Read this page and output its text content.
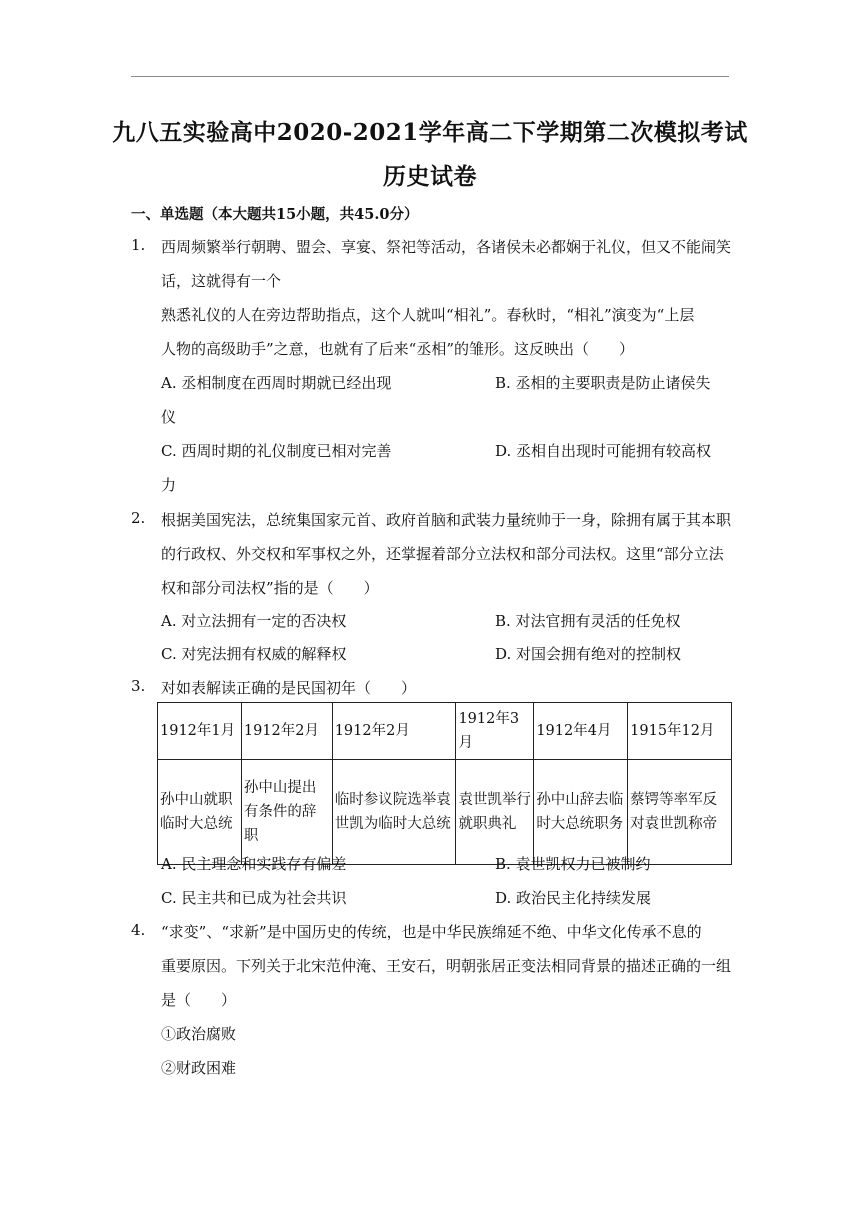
九八五实验高中2020-2021学年高二下学期第二次模拟考试
历史试卷
一、单选题（本大题共15小题，共45.0分）
1. 西周频繁举行朝聘、盟会、享宴、祭祀等活动，各诸侯未必都娴于礼仪，但又不能闹笑
话，这就得有一个
熟悉礼仪的人在旁边帮助指点，这个人就叫“相礼”。春秋时，“相礼”演变为“上层
人物的高级助手”之意，也就有了后来“丞相”的雏形。这反映出（　　）
A. 丞相制度在西周时期就已经出现	B. 丞相的主要职责是防止诸侯失
仪
C. 西周时期的礼仪制度已相对完善	D. 丞相自出现时可能拥有较高权
力
2. 根据美国宪法，总统集国家元首、政府首脑和武装力量统帅于一身，除拥有属于其本职
的行政权、外交权和军事权之外，还掌握着部分立法权和部分司法权。这里“部分立法
权和部分司法权”指的是（　　）
A. 对立法拥有一定的否决权	B. 对法官拥有灵活的任免权
C. 对宪法拥有权威的解释权	D. 对国会拥有绝对的控制权
3. 对如表解读正确的是民国初年（　　）
1912年1月	1912年2月	1912年2月	1912年3月	1912年4月	1915年12月
孙中山就职临时大总统	孙中山提出有条件的辞职	临时参议院选举袁世凯为临时大总统	袁世凯举行就职典礼	孙中山辞去临时大总统职务	蔡锷等率军反对袁世凯称帝
A. 民主理念和实践存有偏差	B. 袁世凯权力已被制约
C. 民主共和已成为社会共识	D. 政治民主化持续发展
4. “求变”、“求新”是中国历史的传统，也是中华民族绵延不绝、中华文化传承不息的
重要原因。下列关于北宋范仲淹、王安石，明朝张居正变法相同背景的描述正确的一组
是（　　）
①政治腐败
②财政困难
